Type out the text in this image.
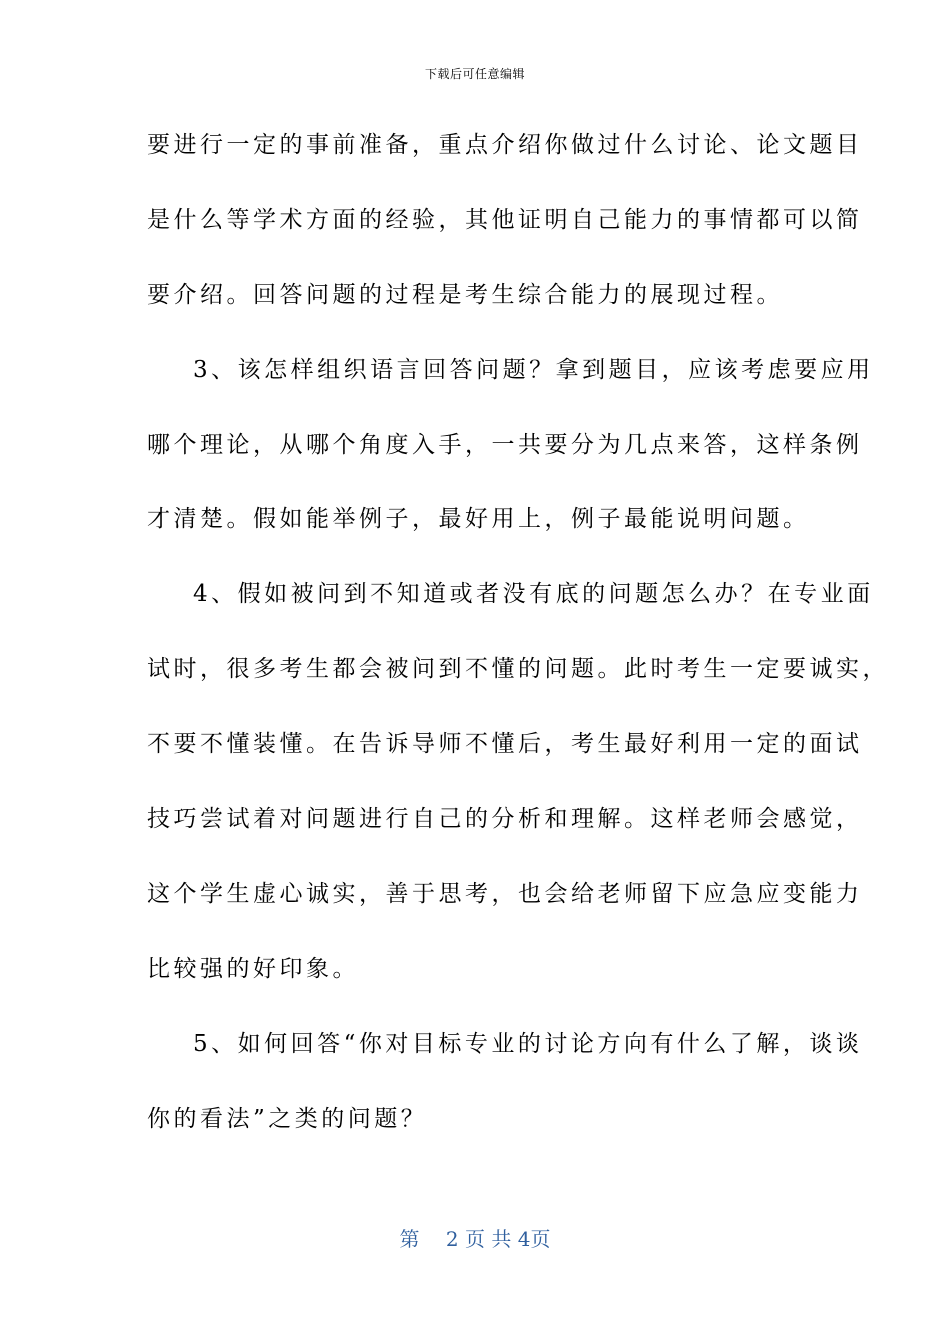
下载后可任意编辑
要进行一定的事前准备，重点介绍你做过什么讨论、论文题目
是什么等学术方面的经验，其他证明自己能力的事情都可以简
要介绍。回答问题的过程是考生综合能力的展现过程。
3、该怎样组织语言回答问题？拿到题目，应该考虑要应用
哪个理论，从哪个角度入手，一共要分为几点来答，这样条例
才清楚。假如能举例子，最好用上，例子最能说明问题。
4、假如被问到不知道或者没有底的问题怎么办？在专业面
试时，很多考生都会被问到不懂的问题。此时考生一定要诚实，
不要不懂装懂。在告诉导师不懂后，考生最好利用一定的面试
技巧尝试着对问题进行自己的分析和理解。这样老师会感觉，
这个学生虚心诚实，善于思考，也会给老师留下应急应变能力
比较强的好印象。
5、如何回答“你对目标专业的讨论方向有什么了解，谈谈
你的看法”之类的问题？
第 2 页 共 4页
